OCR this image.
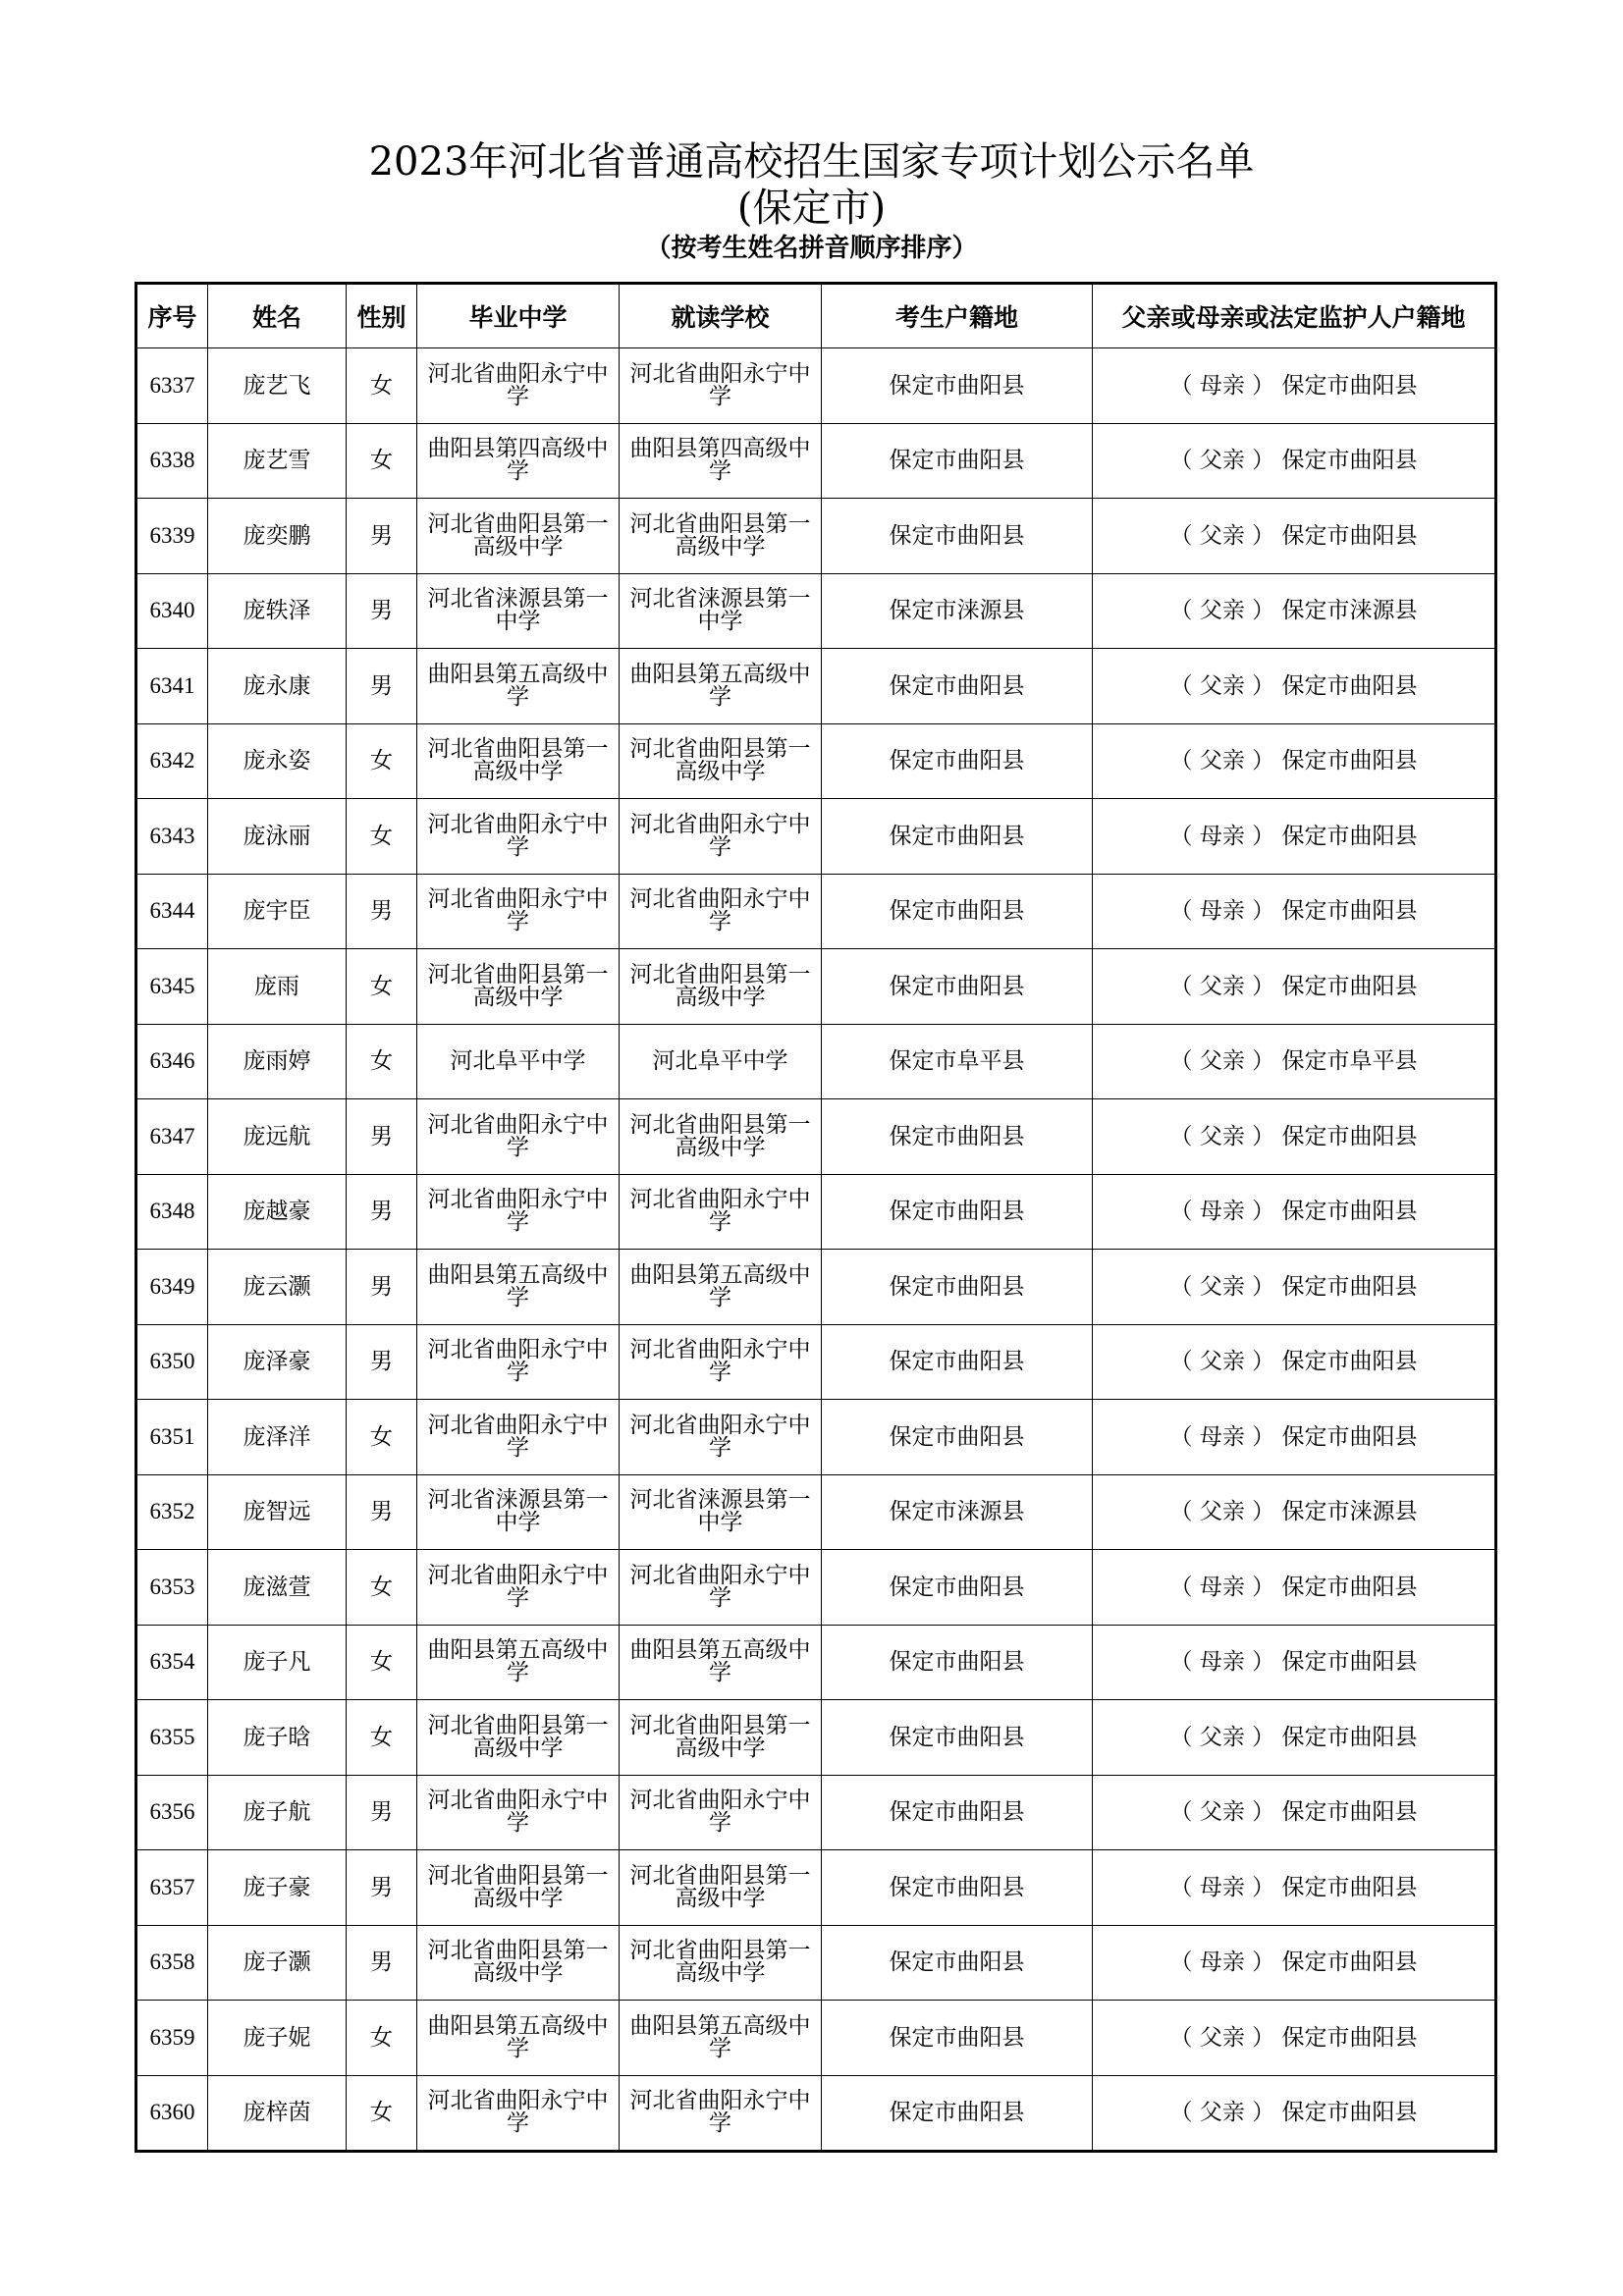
2023年河北省普通高校招生国家专项计划公示名单
(保定市)
（按考生姓名拼音顺序排序）
序号	姓名	性别	毕业中学	就读学校	考生户籍地	父亲或母亲或法定监护人户籍地
6337	庞艺飞	女	河北省曲阳永宁中学	河北省曲阳永宁中学	保定市曲阳县	（ 母亲 ） 保定市曲阳县
6338	庞艺雪	女	曲阳县第四高级中学	曲阳县第四高级中学	保定市曲阳县	（ 父亲 ） 保定市曲阳县
6339	庞奕鹏	男	河北省曲阳县第一高级中学	河北省曲阳县第一高级中学	保定市曲阳县	（ 父亲 ） 保定市曲阳县
6340	庞轶泽	男	河北省涞源县第一中学	河北省涞源县第一中学	保定市涞源县	（ 父亲 ） 保定市涞源县
6341	庞永康	男	曲阳县第五高级中学	曲阳县第五高级中学	保定市曲阳县	（ 父亲 ） 保定市曲阳县
6342	庞永姿	女	河北省曲阳县第一高级中学	河北省曲阳县第一高级中学	保定市曲阳县	（ 父亲 ） 保定市曲阳县
6343	庞泳丽	女	河北省曲阳永宁中学	河北省曲阳永宁中学	保定市曲阳县	（ 母亲 ） 保定市曲阳县
6344	庞宇臣	男	河北省曲阳永宁中学	河北省曲阳永宁中学	保定市曲阳县	（ 母亲 ） 保定市曲阳县
6345	庞雨	女	河北省曲阳县第一高级中学	河北省曲阳县第一高级中学	保定市曲阳县	（ 父亲 ） 保定市曲阳县
6346	庞雨婷	女	河北阜平中学	河北阜平中学	保定市阜平县	（ 父亲 ） 保定市阜平县
6347	庞远航	男	河北省曲阳永宁中学	河北省曲阳县第一高级中学	保定市曲阳县	（ 父亲 ） 保定市曲阳县
6348	庞越豪	男	河北省曲阳永宁中学	河北省曲阳永宁中学	保定市曲阳县	（ 母亲 ） 保定市曲阳县
6349	庞云灏	男	曲阳县第五高级中学	曲阳县第五高级中学	保定市曲阳县	（ 父亲 ） 保定市曲阳县
6350	庞泽豪	男	河北省曲阳永宁中学	河北省曲阳永宁中学	保定市曲阳县	（ 父亲 ） 保定市曲阳县
6351	庞泽洋	女	河北省曲阳永宁中学	河北省曲阳永宁中学	保定市曲阳县	（ 母亲 ） 保定市曲阳县
6352	庞智远	男	河北省涞源县第一中学	河北省涞源县第一中学	保定市涞源县	（ 父亲 ） 保定市涞源县
6353	庞滋萱	女	河北省曲阳永宁中学	河北省曲阳永宁中学	保定市曲阳县	（ 母亲 ） 保定市曲阳县
6354	庞子凡	女	曲阳县第五高级中学	曲阳县第五高级中学	保定市曲阳县	（ 母亲 ） 保定市曲阳县
6355	庞子晗	女	河北省曲阳县第一高级中学	河北省曲阳县第一高级中学	保定市曲阳县	（ 父亲 ） 保定市曲阳县
6356	庞子航	男	河北省曲阳永宁中学	河北省曲阳永宁中学	保定市曲阳县	（ 父亲 ） 保定市曲阳县
6357	庞子豪	男	河北省曲阳县第一高级中学	河北省曲阳县第一高级中学	保定市曲阳县	（ 母亲 ） 保定市曲阳县
6358	庞子灏	男	河北省曲阳县第一高级中学	河北省曲阳县第一高级中学	保定市曲阳县	（ 母亲 ） 保定市曲阳县
6359	庞子妮	女	曲阳县第五高级中学	曲阳县第五高级中学	保定市曲阳县	（ 父亲 ） 保定市曲阳县
6360	庞梓茵	女	河北省曲阳永宁中学	河北省曲阳永宁中学	保定市曲阳县	（ 父亲 ） 保定市曲阳县
